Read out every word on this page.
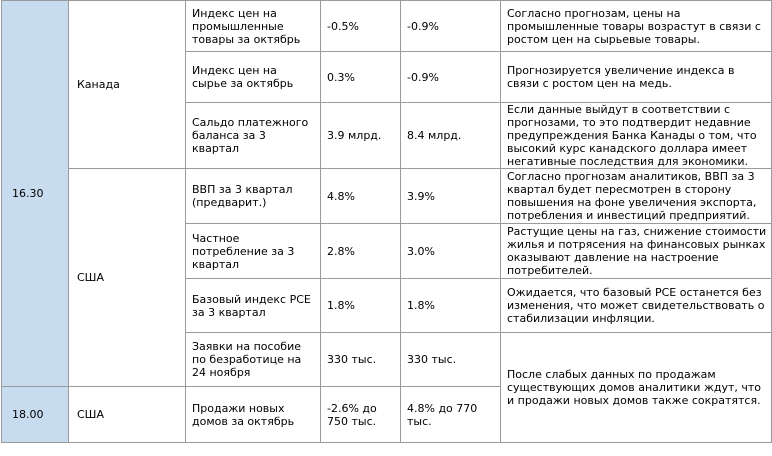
16.30	Канада	Индекс цен на промышленные товары за октябрь	-0.5%	-0.9%	Согласно прогнозам, цены на промышленные товары возрастут в связи с ростом цен на сырьевые товары.
		Индекс цен на сырье за октябрь	0.3%	-0.9%	Прогнозируется увеличение индекса в связи с ростом цен на медь.
		Сальдо платежного баланса за 3 квартал	3.9 млрд.	8.4 млрд.	Если данные выйдут в соответствии с прогнозами, то это подтвердит недавние предупреждения Банка Канады о том, что высокий курс канадского доллара имеет негативные последствия для экономики.
	США	ВВП за 3 квартал (предварит.)	4.8%	3.9%	Согласно прогнозам аналитиков, ВВП за 3 квартал будет пересмотрен в сторону повышения на фоне увеличения экспорта, потребления и инвестиций предприятий.
		Частное потребление за 3 квартал	2.8%	3.0%	Растущие цены на газ, снижение стоимости жилья и потрясения на финансовых рынках оказывают давление на настроение потребителей.
		Базовый индекс PCE за 3 квартал	1.8%	1.8%	Ожидается, что базовый PCE останется без изменения, что может свидетельствовать о стабилизации инфляции.
		Заявки на пособие по безработице на 24 ноября	330 тыс.	330 тыс.	После слабых данных по продажам существующих домов аналитики ждут, что и продажи новых домов также сократятся.
18.00	США	Продажи новых домов за октябрь	-2.6% до 750 тыс.	4.8% до 770 тыс.	
